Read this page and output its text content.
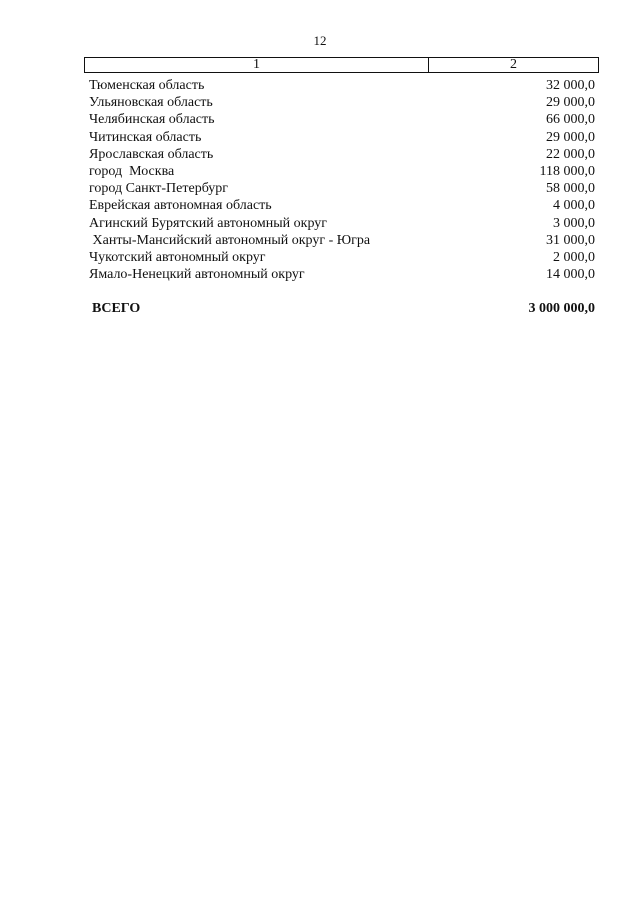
12
1	2
Тюменская область	32 000,0
Ульяновская область	29 000,0
Челябинская область	66 000,0
Читинская область	29 000,0
Ярославская область	22 000,0
город  Москва	118 000,0
город Санкт-Петербург	58 000,0
Еврейская автономная область	4 000,0
Агинский Бурятский автономный округ	3 000,0
Ханты-Мансийский автономный округ - Югра	31 000,0
Чукотский автономный округ	2 000,0
Ямало-Ненецкий автономный округ	14 000,0
ВСЕГО	3 000 000,0
